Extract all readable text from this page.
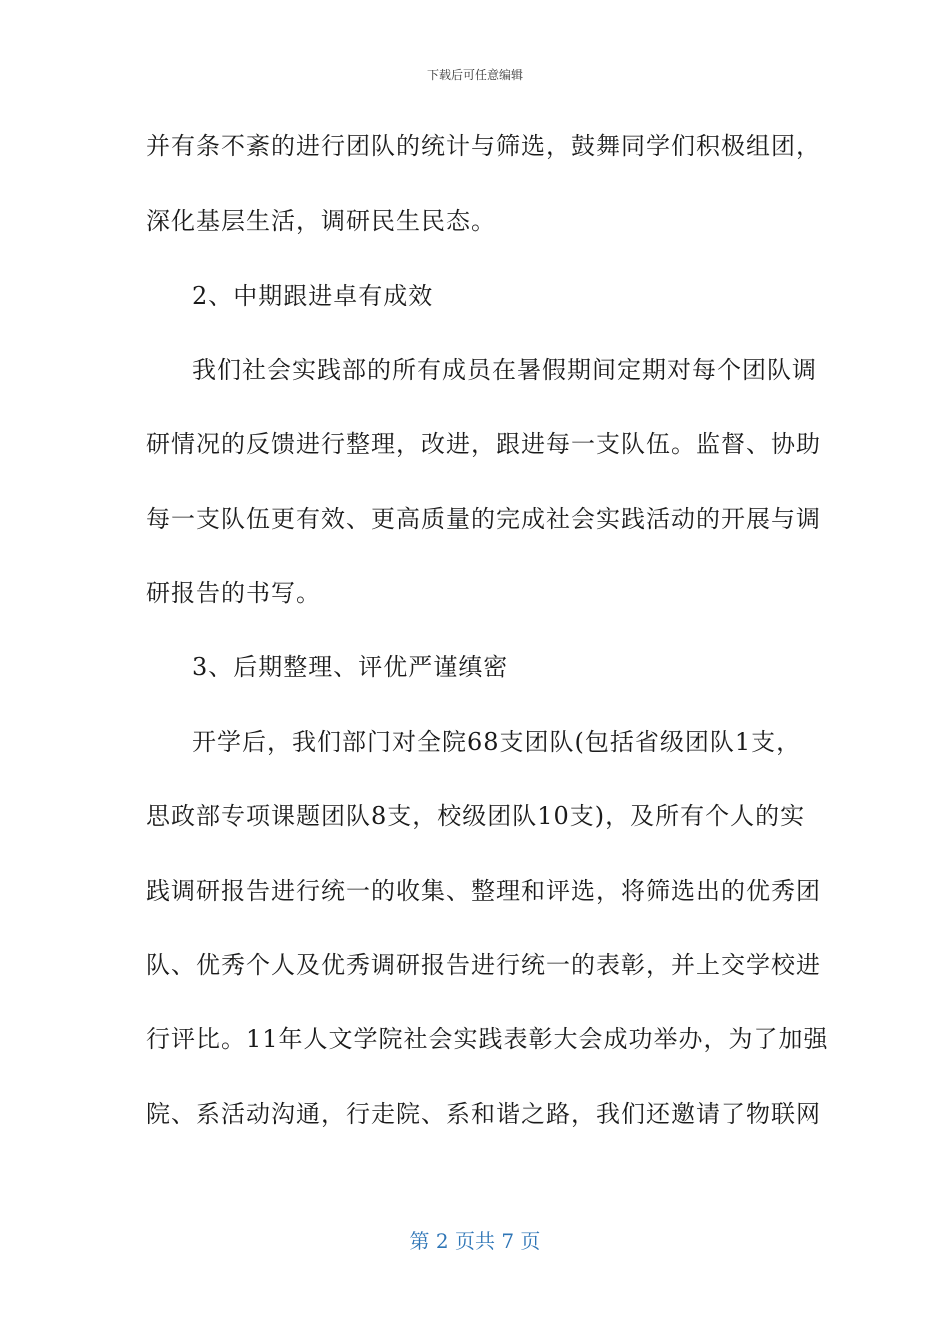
下载后可任意编辑
并有条不紊的进行团队的统计与筛选，鼓舞同学们积极组团，
深化基层生活，调研民生民态。
2、中期跟进卓有成效
我们社会实践部的所有成员在暑假期间定期对每个团队调
研情况的反馈进行整理，改进，跟进每一支队伍。监督、协助
每一支队伍更有效、更高质量的完成社会实践活动的开展与调
研报告的书写。
3、后期整理、评优严谨缜密
开学后，我们部门对全院68支团队(包括省级团队1支，
思政部专项课题团队8支，校级团队10支)，及所有个人的实
践调研报告进行统一的收集、整理和评选，将筛选出的优秀团
队、优秀个人及优秀调研报告进行统一的表彰，并上交学校进
行评比。11年人文学院社会实践表彰大会成功举办，为了加强
院、系活动沟通，行走院、系和谐之路，我们还邀请了物联网
第 2 页共 7 页
